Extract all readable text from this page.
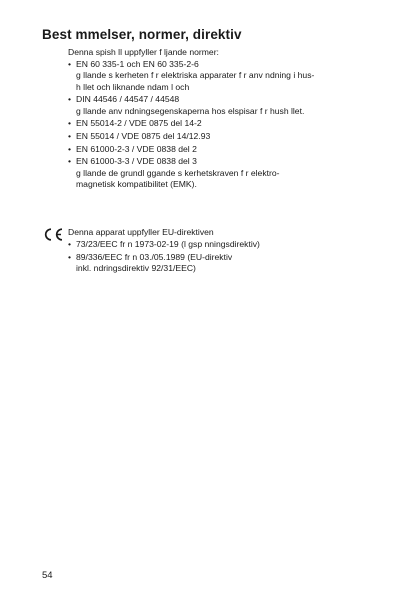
Best mmelser, normer, direktiv

Denna spish ll uppfyller f ljande normer:

• EN 60 335-1 och EN 60 335-2-6
g llande s kerheten f r elektriska apparater f r anv ndning i hus-
h llet och liknande ndam l och
• DIN 44546 / 44547 / 44548
g llande anv ndningsegenskaperna hos elspisar f r hush llet.
• EN 55014-2 / VDE 0875 del 14-2
• EN 55014 / VDE 0875 del 14/12.93
• EN 61000-2-3 / VDE 0838 del 2
• EN 61000-3-3 / VDE 0838 del 3
g llande de grundl ggande s kerhetskraven f r elektro-
magnetisk kompatibilitet (EMK).

Denna apparat uppfyller EU-direktiven

• 73/23/EEC fr n 1973-02-19 (l gsp nningsdirektiv)
• 89/336/EEC fr n 03./05.1989 (EU-direktiv
inkl. ndringsdirektiv 92/31/EEC)
54
